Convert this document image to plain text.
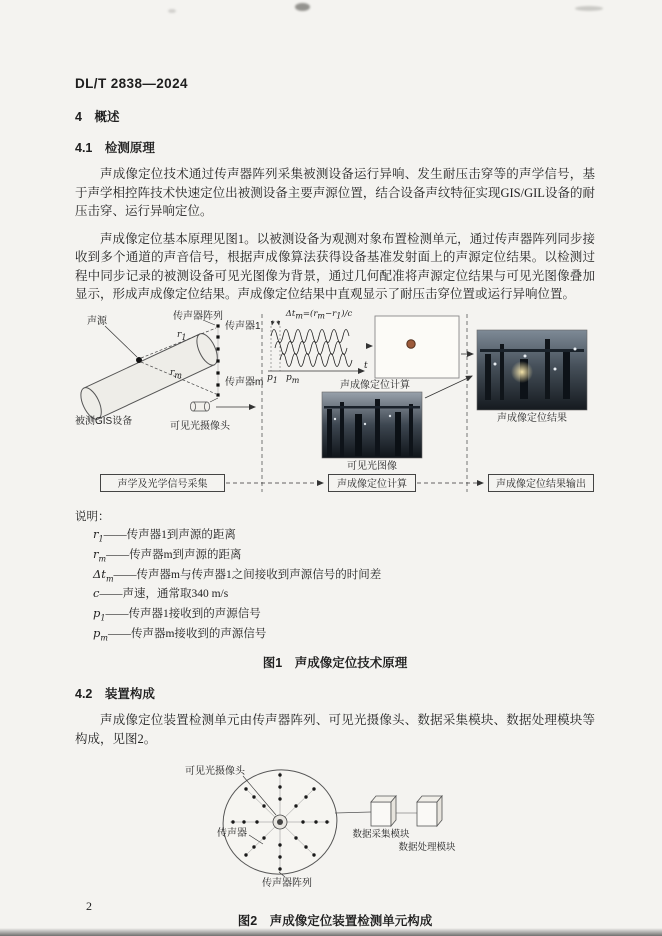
DL/T 2838—2024
4　概述
4.1　检测原理

声成像定位技术通过传声器阵列采集被测设备运行异响、发生耐压击穿等的声学信号，基于声学相控阵技术快速定位出被测设备主要声源位置，结合设备声纹特征实现GIS/GIL设备的耐压击穿、运行异响定位。

声成像定位基本原理见图1。以被测设备为观测对象布置检测单元，通过传声器阵列同步接收到多个通道的声音信号，根据声成像算法获得设备基准发射面上的声源定位结果。以检测过程中同步记录的被测设备可见光图像为背景，通过几何配准将声源定位结果与可见光图像叠加显示，形成声成像定位结果。声成像定位结果中直观显示了耐压击穿位置或运行异响位置。

声源	传声器阵列
传声器1
传声器m
$r_1$
$r_m$
被测GIS设备	可见光摄像头
$\Delta t_m=(r_m-r_1)/c$
$p_1$ $p_m$
t
声成像定位计算
可见光图像
声成像定位结果
声学及光学信号采集	声成像定位计算	声成像定位结果输出
说明：
$r_1——$传声器1到声源的距离
$r_m——$传声器m到声源的距离
$\Delta t_m——$传声器m与传声器1之间接收到声源信号的时间差
c——声速，通常取340 m/s
$p_1——$传声器1接收到的声源信号
$p_m——$传声器m接收到的声源信号
图1　声成像定位技术原理
4.2　装置构成

声成像定位装置检测单元由传声器阵列、可见光摄像头、数据采集模块、数据处理模块等构成，见图2。

可见光摄像头
传声器
传声器阵列
数据采集模块
数据处理模块
图2　声成像定位装置检测单元构成
2
